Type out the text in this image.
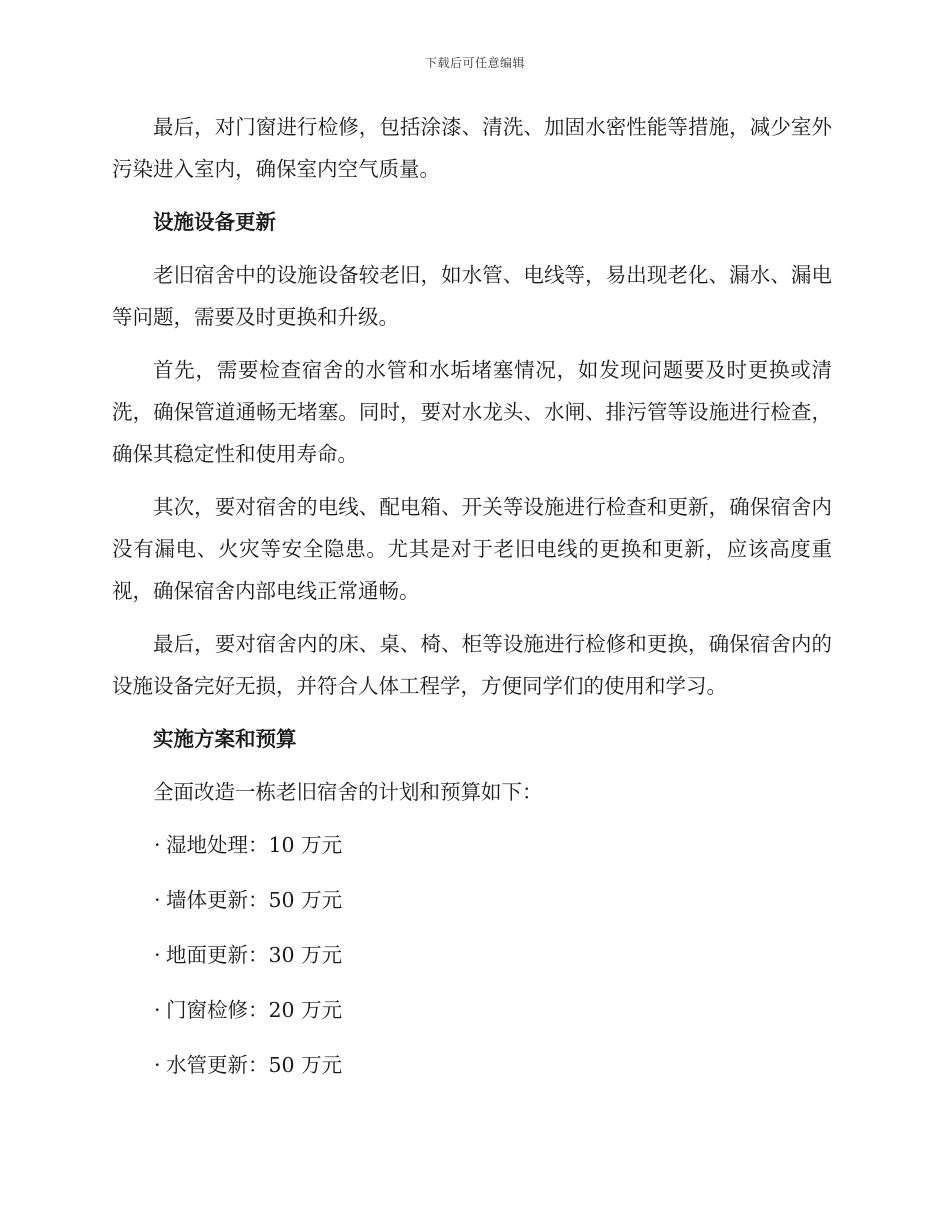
下载后可任意编辑

最后，对门窗进行检修，包括涂漆、清洗、加固水密性能等措施，减少室外污染进入室内，确保室内空气质量。

设施设备更新

老旧宿舍中的设施设备较老旧，如水管、电线等，易出现老化、漏水、漏电等问题，需要及时更换和升级。

首先，需要检查宿舍的水管和水垢堵塞情况，如发现问题要及时更换或清洗，确保管道通畅无堵塞。同时，要对水龙头、水闸、排污管等设施进行检查，确保其稳定性和使用寿命。

其次，要对宿舍的电线、配电箱、开关等设施进行检查和更新，确保宿舍内没有漏电、火灾等安全隐患。尤其是对于老旧电线的更换和更新，应该高度重视，确保宿舍内部电线正常通畅。

最后，要对宿舍内的床、桌、椅、柜等设施进行检修和更换，确保宿舍内的设施设备完好无损，并符合人体工程学，方便同学们的使用和学习。

实施方案和预算

全面改造一栋老旧宿舍的计划和预算如下：

· 湿地处理：10 万元
· 墙体更新：50 万元
· 地面更新：30 万元
· 门窗检修：20 万元
· 水管更新：50 万元
